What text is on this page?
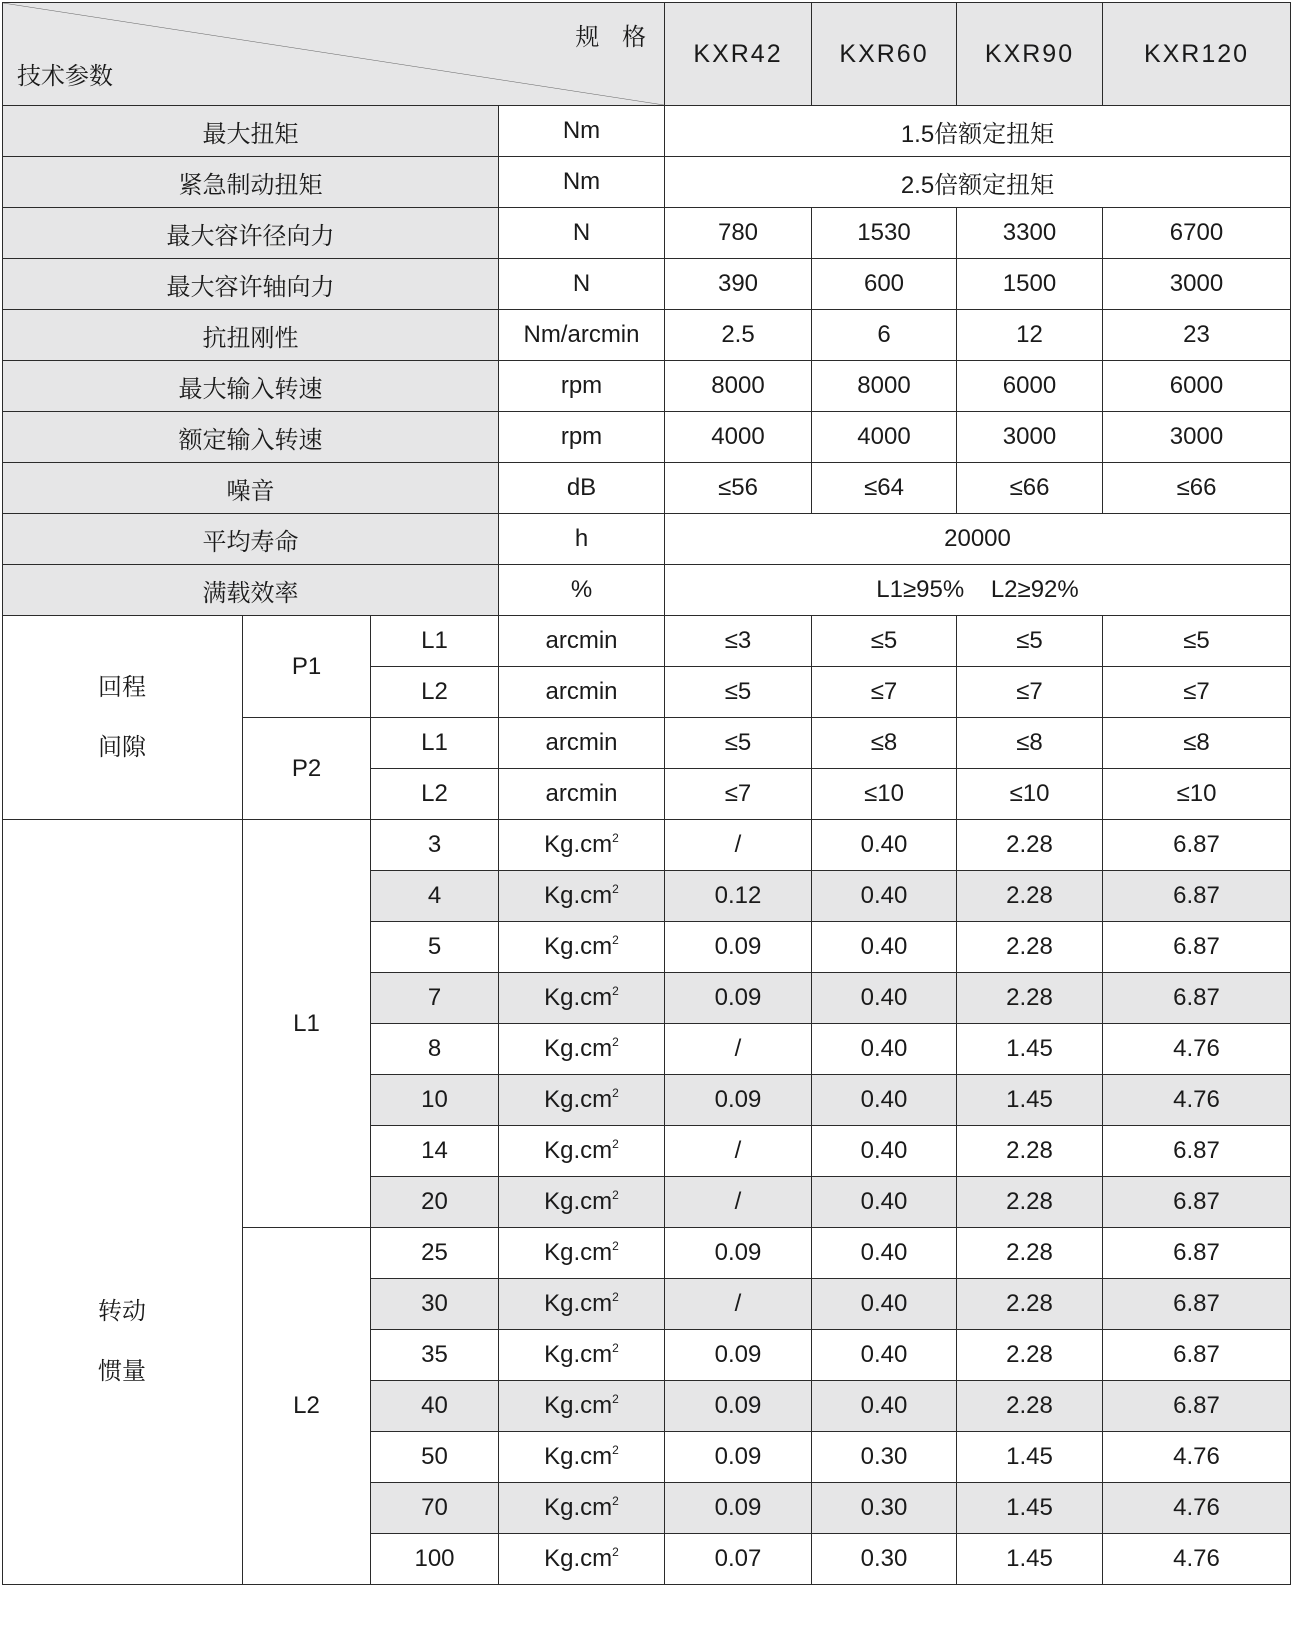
规 格
技术参数				KXR42	KXR60	KXR90	KXR120
最大扭矩			Nm	1.5倍额定扭矩			
紧急制动扭矩			Nm	2.5倍额定扭矩			
最大容许径向力			N	780	1530	3300	6700
最大容许轴向力			N	390	600	1500	3000
抗扭刚性			Nm/arcmin	2.5	6	12	23
最大输入转速			rpm	8000	8000	6000	6000
额定输入转速			rpm	4000	4000	3000	3000
噪音			dB	≤56	≤64	≤66	≤66
平均寿命			h	20000			
满载效率			%	L1≥95%    L2≥92%			
回程
间隙	P1	L1	arcmin	≤3	≤5	≤5	≤5
		L2	arcmin	≤5	≤7	≤7	≤7
	P2	L1	arcmin	≤5	≤8	≤8	≤8
		L2	arcmin	≤7	≤10	≤10	≤10
转动
惯量	L1	3	$Kg.cm^2$	/	0.40	2.28	6.87
		4	$Kg.cm^2$	0.12	0.40	2.28	6.87
		5	$Kg.cm^2$	0.09	0.40	2.28	6.87
		7	$Kg.cm^2$	0.09	0.40	2.28	6.87
		8	$Kg.cm^2$	/	0.40	1.45	4.76
		10	$Kg.cm^2$	0.09	0.40	1.45	4.76
		14	$Kg.cm^2$	/	0.40	2.28	6.87
		20	$Kg.cm^2$	/	0.40	2.28	6.87
	L2	25	$Kg.cm^2$	0.09	0.40	2.28	6.87
		30	$Kg.cm^2$	/	0.40	2.28	6.87
		35	$Kg.cm^2$	0.09	0.40	2.28	6.87
		40	$Kg.cm^2$	0.09	0.40	2.28	6.87
		50	$Kg.cm^2$	0.09	0.30	1.45	4.76
		70	$Kg.cm^2$	0.09	0.30	1.45	4.76
		100	$Kg.cm^2$	0.07	0.30	1.45	4.76
